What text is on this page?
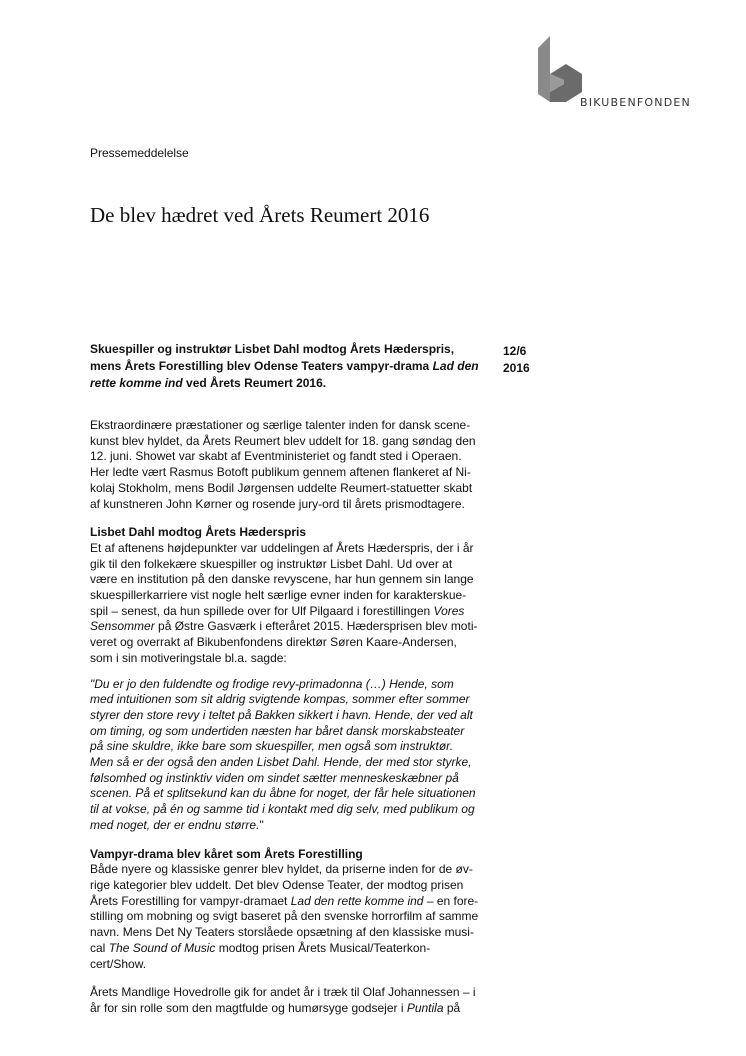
BIKUBENFONDEN
Pressemeddelelse
De blev hædret ved Årets Reumert 2016

Skuespiller og instruktør Lisbet Dahl modtog Årets Hæderspris,
mens Årets Forestilling blev Odense Teaters vampyr-drama Lad den
rette komme ind ved Årets Reumert 2016.

12/6
2016

Ekstraordinære præstationer og særlige talenter inden for dansk scene-
kunst blev hyldet, da Årets Reumert blev uddelt for 18. gang søndag den
12. juni. Showet var skabt af Eventministeriet og fandt sted i Operaen.
Her ledte vært Rasmus Botoft publikum gennem aftenen flankeret af Ni-
kolaj Stokholm, mens Bodil Jørgensen uddelte Reumert-statuetter skabt
af kunstneren John Kørner og rosende jury-ord til årets prismodtagere.

Lisbet Dahl modtog Årets Hæderspris

Et af aftenens højdepunkter var uddelingen af Årets Hæderspris, der i år
gik til den folkekære skuespiller og instruktør Lisbet Dahl. Ud over at
være en institution på den danske revyscene, har hun gennem sin lange
skuespillerkarriere vist nogle helt særlige evner inden for karakterskue-
spil – senest, da hun spillede over for Ulf Pilgaard i forestillingen Vores
Sensommer på Østre Gasværk i efteråret 2015. Hædersprisen blev moti-
veret og overrakt af Bikubenfondens direktør Søren Kaare-Andersen,
som i sin motiveringstale bl.a. sagde:

"Du er jo den fuldendte og frodige revy-primadonna (…) Hende, som
med intuitionen som sit aldrig svigtende kompas, sommer efter sommer
styrer den store revy i teltet på Bakken sikkert i havn. Hende, der ved alt
om timing, og som undertiden næsten har båret dansk morskabsteater
på sine skuldre, ikke bare som skuespiller, men også som instruktør.
Men så er der også den anden Lisbet Dahl. Hende, der med stor styrke,
følsomhed og instinktiv viden om sindet sætter menneskeskæbner på
scenen. På et splitsekund kan du åbne for noget, der får hele situationen
til at vokse, på én og samme tid i kontakt med dig selv, med publikum og
med noget, der er endnu større."

Vampyr-drama blev kåret som Årets Forestilling

Både nyere og klassiske genrer blev hyldet, da priserne inden for de øv-
rige kategorier blev uddelt. Det blev Odense Teater, der modtog prisen
Årets Forestilling for vampyr-dramaet Lad den rette komme ind – en fore-
stilling om mobning og svigt baseret på den svenske horrorfilm af samme
navn. Mens Det Ny Teaters storslåede opsætning af den klassiske musi-
cal The Sound of Music modtog prisen Årets Musical/Teaterkon-
cert/Show.

Årets Mandlige Hovedrolle gik for andet år i træk til Olaf Johannessen – i
år for sin rolle som den magtfulde og humørsyge godsejer i Puntila på
